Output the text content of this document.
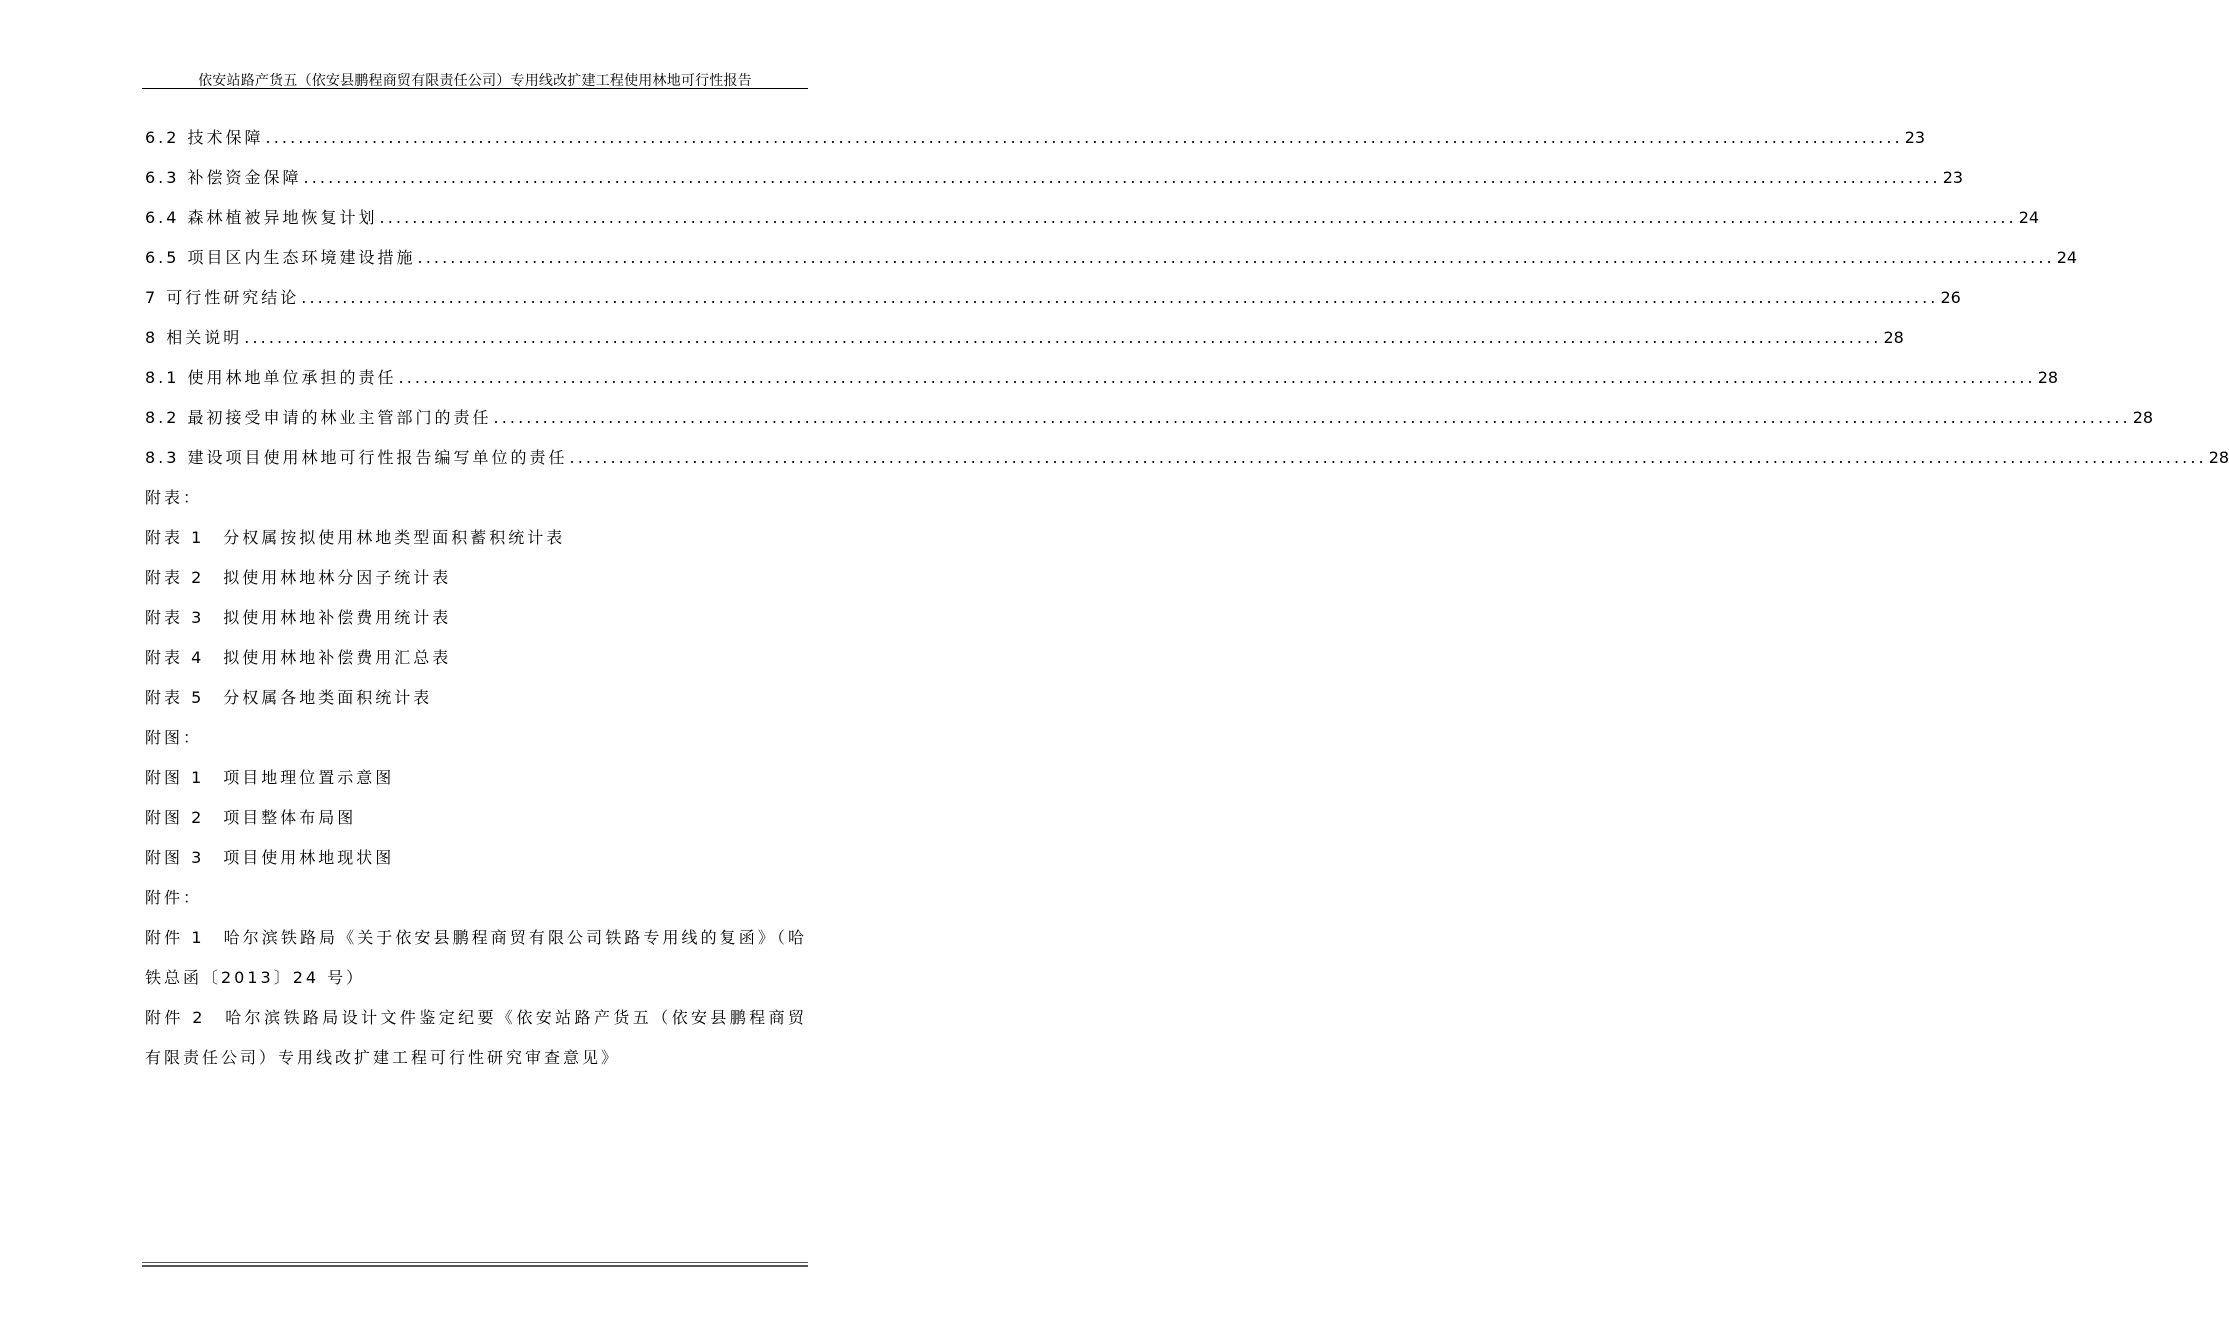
依安站路产货五（依安县鹏程商贸有限责任公司）专用线改扩建工程使用林地可行性报告
6.2 技术保障 ........................................................................................................................................................................................................ 23
6.3 补偿资金保障 ........................................................................................................................................................................................................ 23
6.4 森林植被异地恢复计划 ........................................................................................................................................................................................................ 24
6.5 项目区内生态环境建设措施 ........................................................................................................................................................................................................ 24
7 可行性研究结论 ........................................................................................................................................................................................................ 26
8 相关说明 ........................................................................................................................................................................................................ 28
8.1 使用林地单位承担的责任 ........................................................................................................................................................................................................ 28
8.2 最初接受申请的林业主管部门的责任 ........................................................................................................................................................................................................ 28
8.3 建设项目使用林地可行性报告编写单位的责任 ........................................................................................................................................................................................................ 28
附表：
附表 1　分权属按拟使用林地类型面积蓄积统计表
附表 2　拟使用林地林分因子统计表
附表 3　拟使用林地补偿费用统计表
附表 4　拟使用林地补偿费用汇总表
附表 5　分权属各地类面积统计表
附图：
附图 1　项目地理位置示意图
附图 2　项目整体布局图
附图 3　项目使用林地现状图
附件：
附件 1　哈尔滨铁路局《关于依安县鹏程商贸有限公司铁路专用线的复函》（哈铁总函〔2013〕24 号）
附件 2　哈尔滨铁路局设计文件鉴定纪要《依安站路产货五（依安县鹏程商贸有限责任公司）专用线改扩建工程可行性研究审查意见》
